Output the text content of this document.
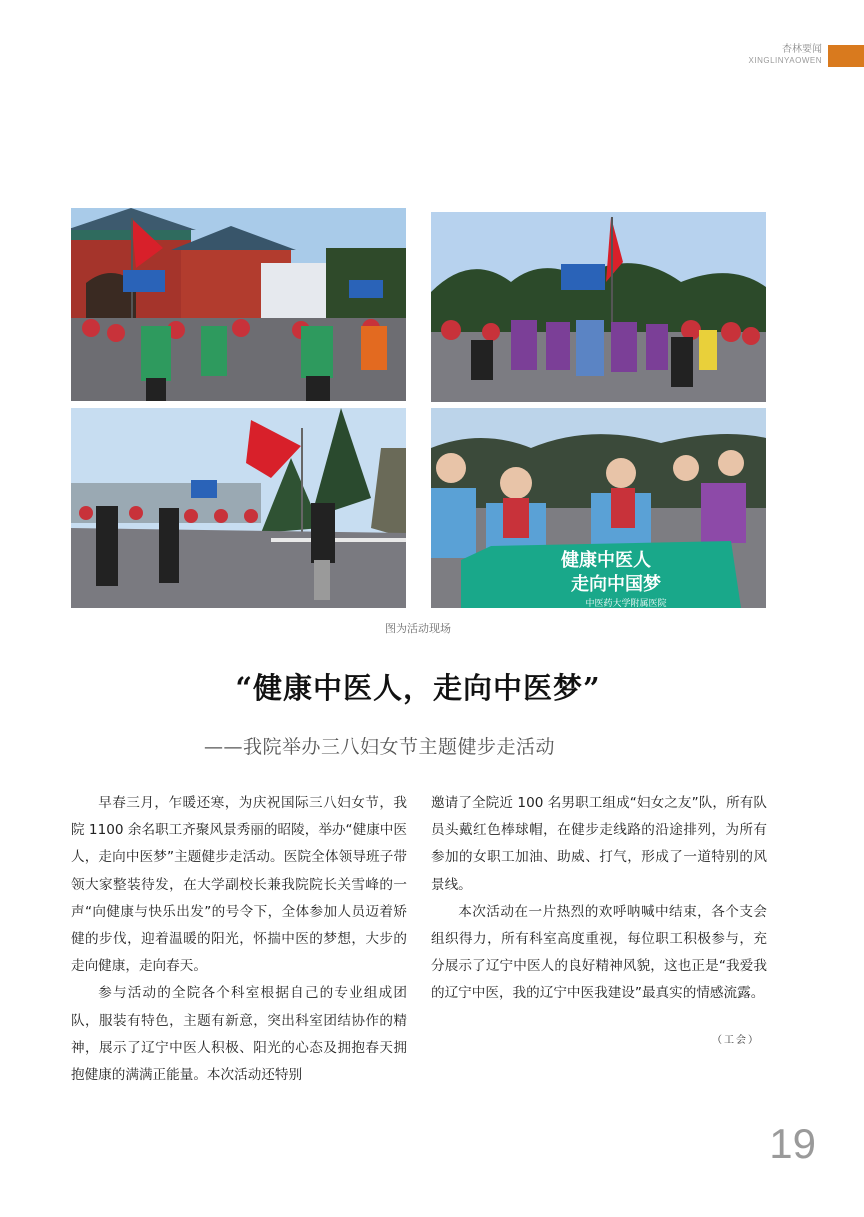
杏林要闻
XINGLINYAOWEN
健康中医人
走向中国梦
中医药大学附属医院
图为活动现场
“健康中医人，走向中医梦”
——我院举办三八妇女节主题健步走活动

早春三月，乍暖还寒，为庆祝国际三八妇女节，我院 1100 余名职工齐聚风景秀丽的昭陵，举办“健康中医人，走向中医梦”主题健步走活动。医院全体领导班子带领大家整装待发，在大学副校长兼我院院长关雪峰的一声“向健康与快乐出发”的号令下，全体参加人员迈着矫健的步伐，迎着温暖的阳光，怀揣中医的梦想，大步的走向健康，走向春天。

参与活动的全院各个科室根据自己的专业组成团队，服装有特色，主题有新意，突出科室团结协作的精神，展示了辽宁中医人积极、阳光的心态及拥抱春天拥抱健康的满满正能量。本次活动还特别

邀请了全院近 100 名男职工组成“妇女之友”队，所有队员头戴红色棒球帽，在健步走线路的沿途排列，为所有参加的女职工加油、助威、打气，形成了一道特别的风景线。

本次活动在一片热烈的欢呼呐喊中结束，各个支会组织得力，所有科室高度重视，每位职工积极参与，充分展示了辽宁中医人的良好精神风貌，这也正是“我爱我的辽宁中医，我的辽宁中医我建设”最真实的情感流露。

（工会）
19
